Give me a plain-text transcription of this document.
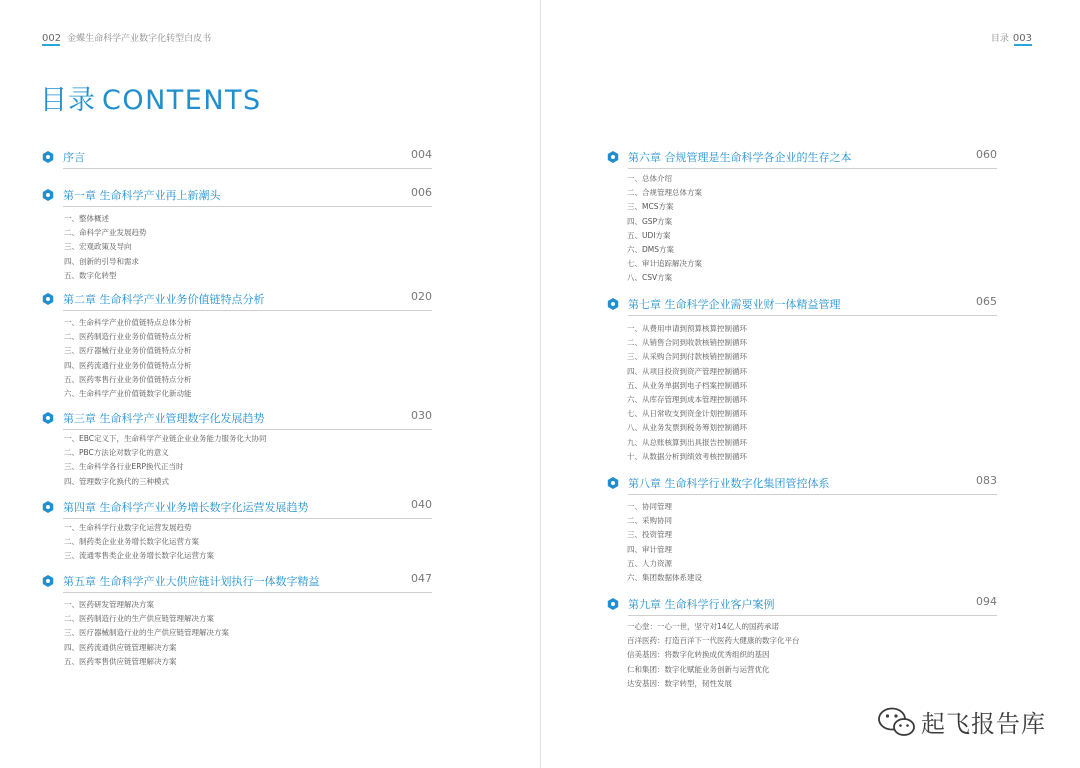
002 金蝶生命科学产业数字化转型白皮书
目录 CONTENTS
序言	004
第一章 生命科学产业再上新潮头	006
一、整体概述
二、命科学产业发展趋势
三、宏观政策及导向
四、创新的引导和需求
五、数字化转型
第二章 生命科学产业业务价值链特点分析	020
一、生命科学产业价值链特点总体分析
二、医药制造行业业务价值链特点分析
三、医疗器械行业业务价值链特点分析
四、医药流通行业业务价值链特点分析
五、医药零售行业业务价值链特点分析
六、生命科学产业价值链数字化新动能
第三章 生命科学产业管理数字化发展趋势	030
一、EBC定义下，生命科学产业链企业业务能力服务化大协同
二、PBC方法论对数字化的意义
三、生命科学各行业ERP换代正当时
四、管理数字化换代的三种模式
第四章 生命科学产业业务增长数字化运营发展趋势	040
一、生命科学行业数字化运营发展趋势
二、制药类企业业务增长数字化运营方案
三、流通零售类企业业务增长数字化运营方案
第五章 生命科学产业大供应链计划执行一体数字精益	047
一、医药研发管理解决方案
二、医药制造行业的生产供应链管理解决方案
三、医疗器械制造行业的生产供应链管理解决方案
四、医药流通供应链管理解决方案
五、医药零售供应链管理解决方案
目录 003
第六章 合规管理是生命科学各企业的生存之本	060
一、总体介绍
二、合规管理总体方案
三、MCS方案
四、GSP方案
五、UDI方案
六、DMS方案
七、审计追踪解决方案
八、CSV方案
第七章 生命科学企业需要业财一体精益管理	065
一、从费用申请到预算核算控制循环
二、从销售合同到收款核销控制循环
三、从采购合同到付款核销控制循环
四、从项目投资到资产管理控制循环
五、从业务单据到电子档案控制循环
六、从库存管理到成本管理控制循环
七、从日常收支到资金计划控制循环
八、从业务发票到税务筹划控制循环
九、从总账核算到出具报告控制循环
十、从数据分析到绩效考核控制循环
第八章 生命科学行业数字化集团管控体系	083
一、协同管理
二、采购协同
三、投资管理
四、审计管理
五、人力资源
六、集团数据体系建设
第九章 生命科学行业客户案例	094
一心堂：一心一世，坚守对14亿人的国药承诺
百洋医药：打造百洋下一代医药大健康的数字化平台
信美基因：将数字化转换成优秀组织的基因
仁和集团：数字化赋能业务创新与运营优化
达安基因：数字转型，韧性发展
起飞报告库
